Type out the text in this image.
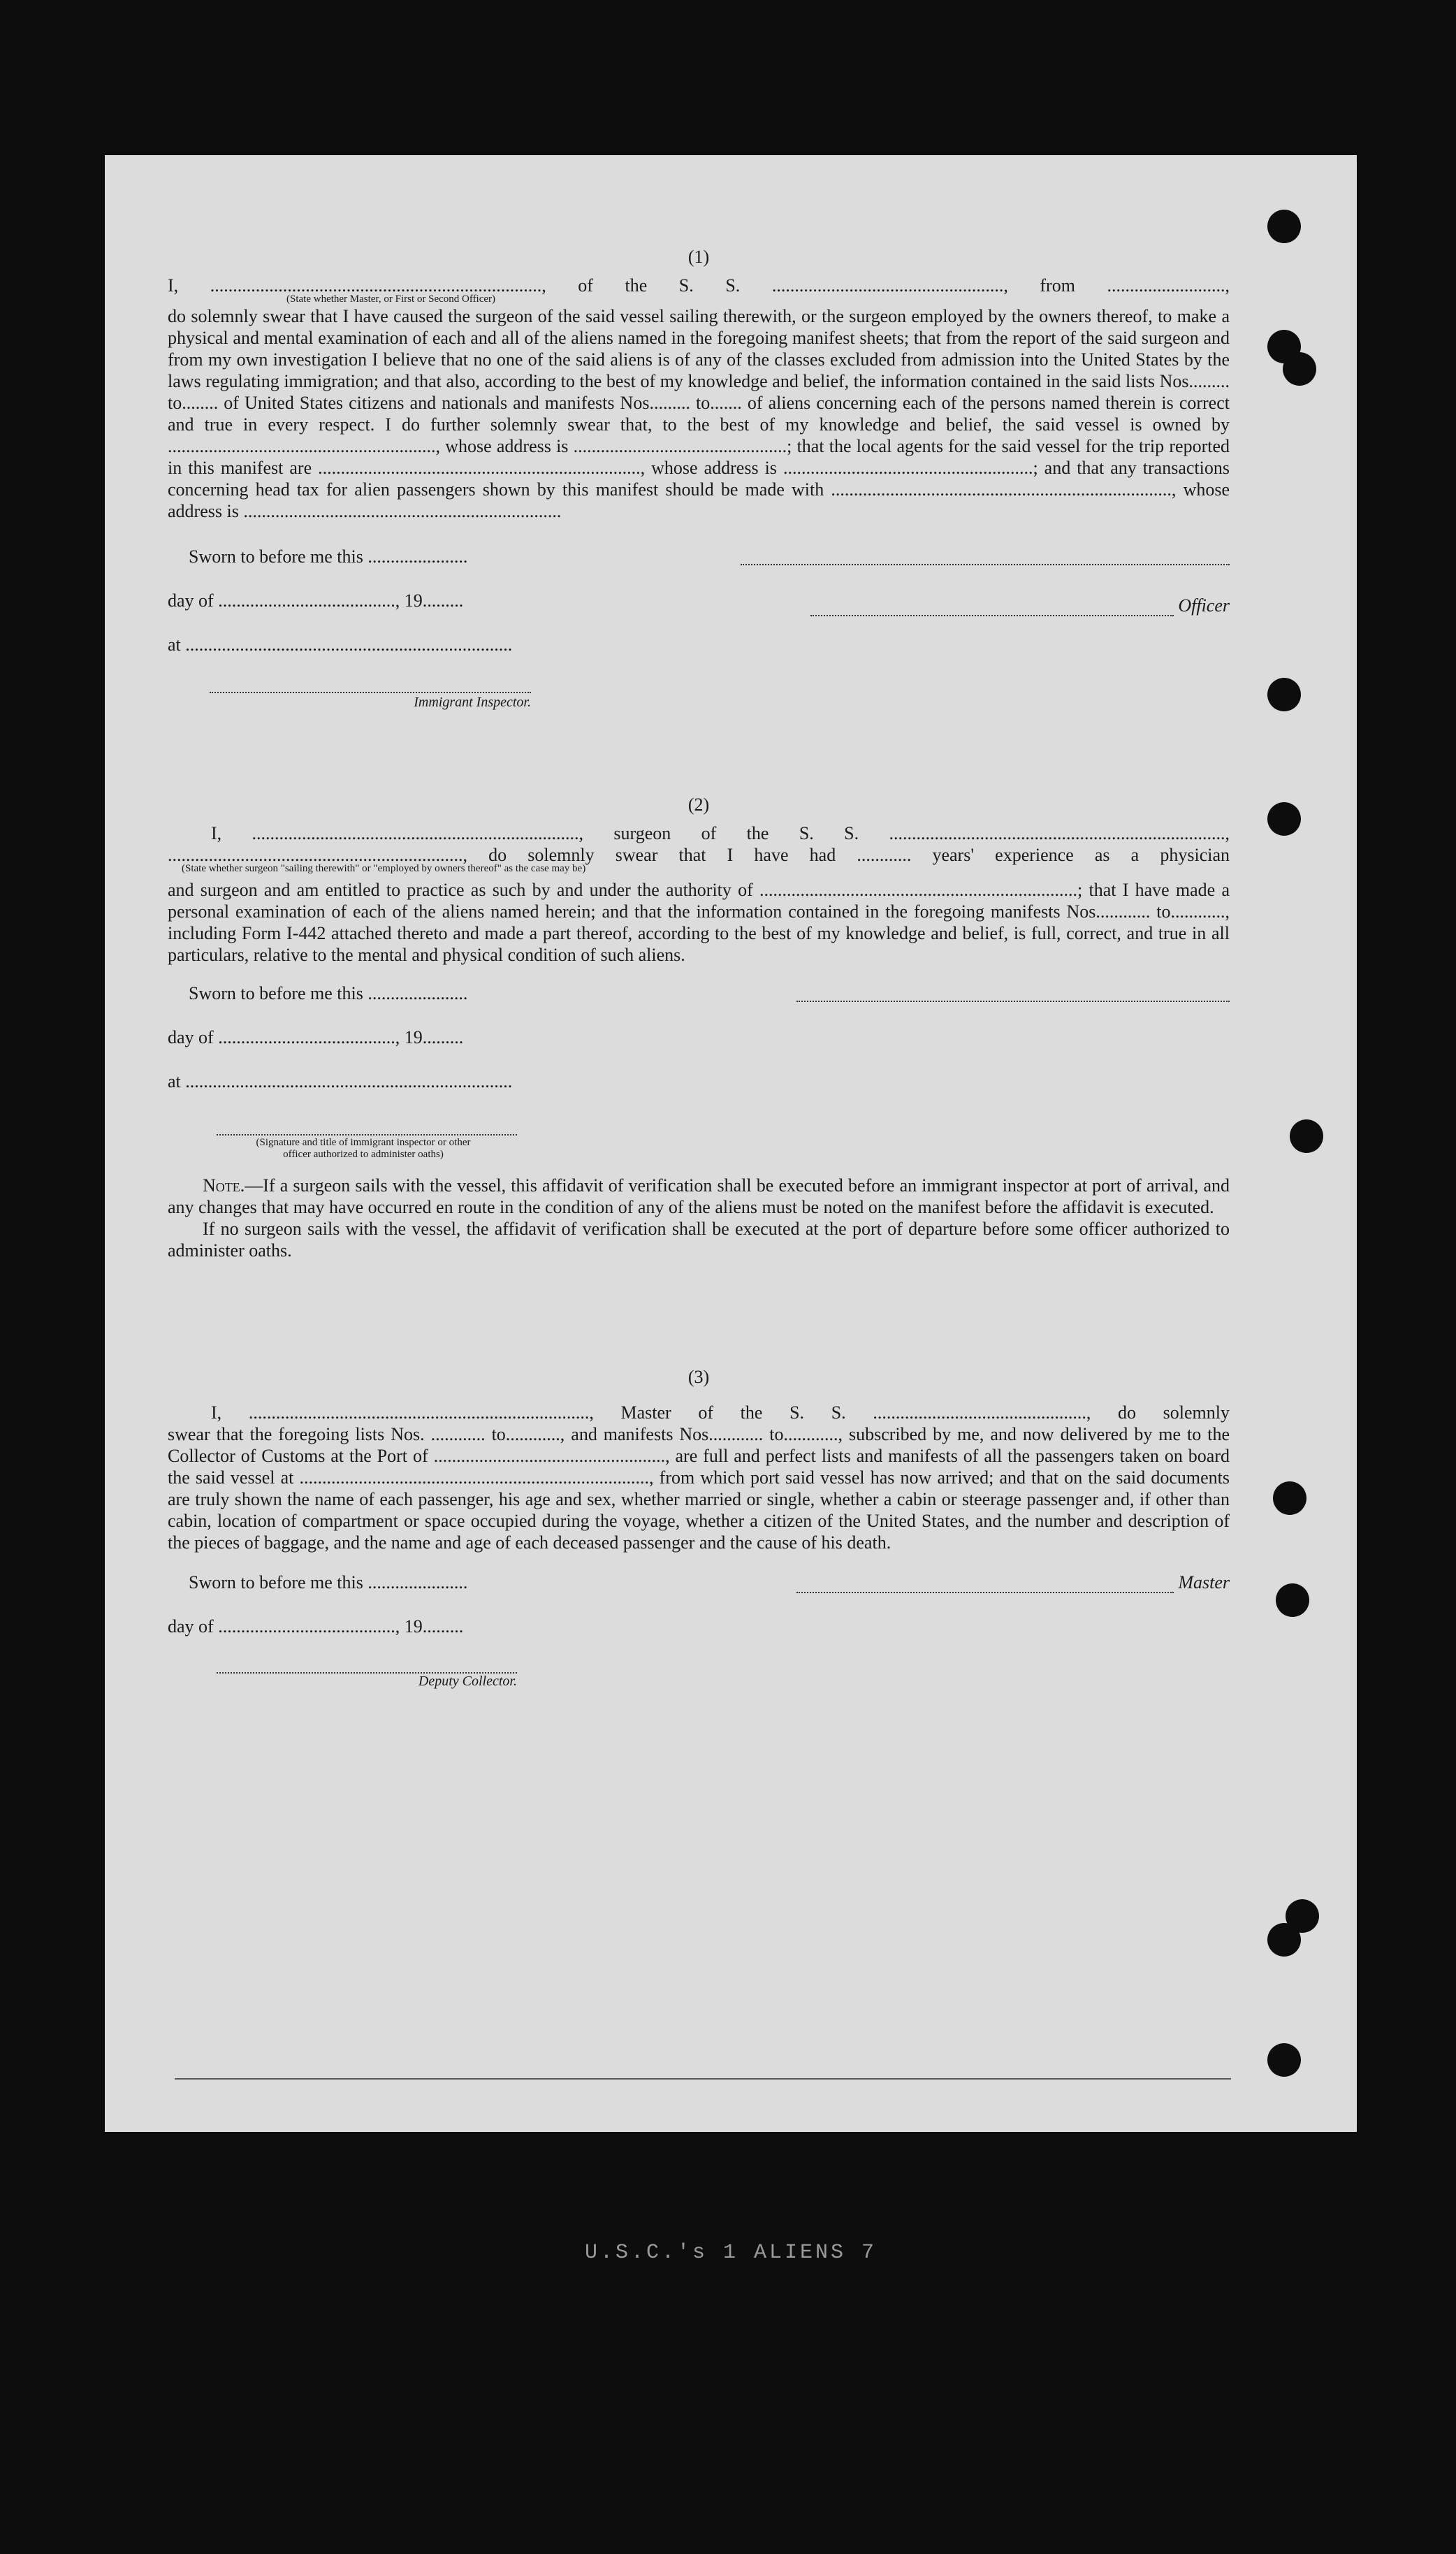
(1)
I, ........................................................................., of the S. S. ..................................................., from ..........................,
(State whether Master, or First or Second Officer)

do solemnly swear that I have caused the surgeon of the said vessel sailing therewith, or the surgeon employed by the owners thereof, to make a physical and mental examination of each and all of the aliens named in the foregoing manifest sheets; that from the report of the said surgeon and from my own investigation I believe that no one of the said aliens is of any of the classes excluded from admission into the United States by the laws regulating immigration; and that also, according to the best of my knowledge and belief, the information contained in the said lists Nos......... to........ of United States citizens and nationals and manifests Nos......... to....... of aliens concerning each of the persons named therein is correct and true in every respect. I do further solemnly swear that, to the best of my knowledge and belief, the said vessel is owned by ..........................................................., whose address is ...............................................; that the local agents for the said vessel for the trip reported in this manifest are ......................................................................., whose address is .......................................................; and that any transactions concerning head tax for alien passengers shown by this manifest should be made with ..........................................................................., whose address is ......................................................................

Sworn to before me this ......................
day of ......................................., 19.........
at ........................................................................
Immigrant Inspector.
Officer
(2)
I, ........................................................................, surgeon of the S. S. ..........................................................................,
................................................................., do solemnly swear that I have had ............ years' experience as a physician
(State whether surgeon "sailing therewith" or "employed by owners thereof" as the case may be)

and surgeon and am entitled to practice as such by and under the authority of ......................................................................; that I have made a personal examination of each of the aliens named herein; and that the information contained in the foregoing manifests Nos............ to............, including Form I-442 attached thereto and made a part thereof, according to the best of my knowledge and belief, is full, correct, and true in all particulars, relative to the mental and physical condition of such aliens.

Sworn to before me this ......................
day of ......................................., 19.........
at ........................................................................
(Signature and title of immigrant inspector or other officer authorized to administer oaths)

Note.—If a surgeon sails with the vessel, this affidavit of verification shall be executed before an immigrant inspector at port of arrival, and any changes that may have occurred en route in the condition of any of the aliens must be noted on the manifest before the affidavit is executed.

If no surgeon sails with the vessel, the affidavit of verification shall be executed at the port of departure before some officer authorized to administer oaths.

(3)
I, ..........................................................................., Master of the S. S. ..............................................., do solemnly

swear that the foregoing lists Nos. ............ to............, and manifests Nos............ to............, subscribed by me, and now delivered by me to the Collector of Customs at the Port of ..................................................., are full and perfect lists and manifests of all the passengers taken on board the said vessel at ............................................................................., from which port said vessel has now arrived; and that on the said documents are truly shown the name of each passenger, his age and sex, whether married or single, whether a cabin or steerage passenger and, if other than cabin, location of compartment or space occupied during the voyage, whether a citizen of the United States, and the number and description of the pieces of baggage, and the name and age of each deceased passenger and the cause of his death.

Sworn to before me this ......................
day of ......................................., 19.........
Deputy Collector.
Master
U.S.C.'s 1 ALIENS 7
